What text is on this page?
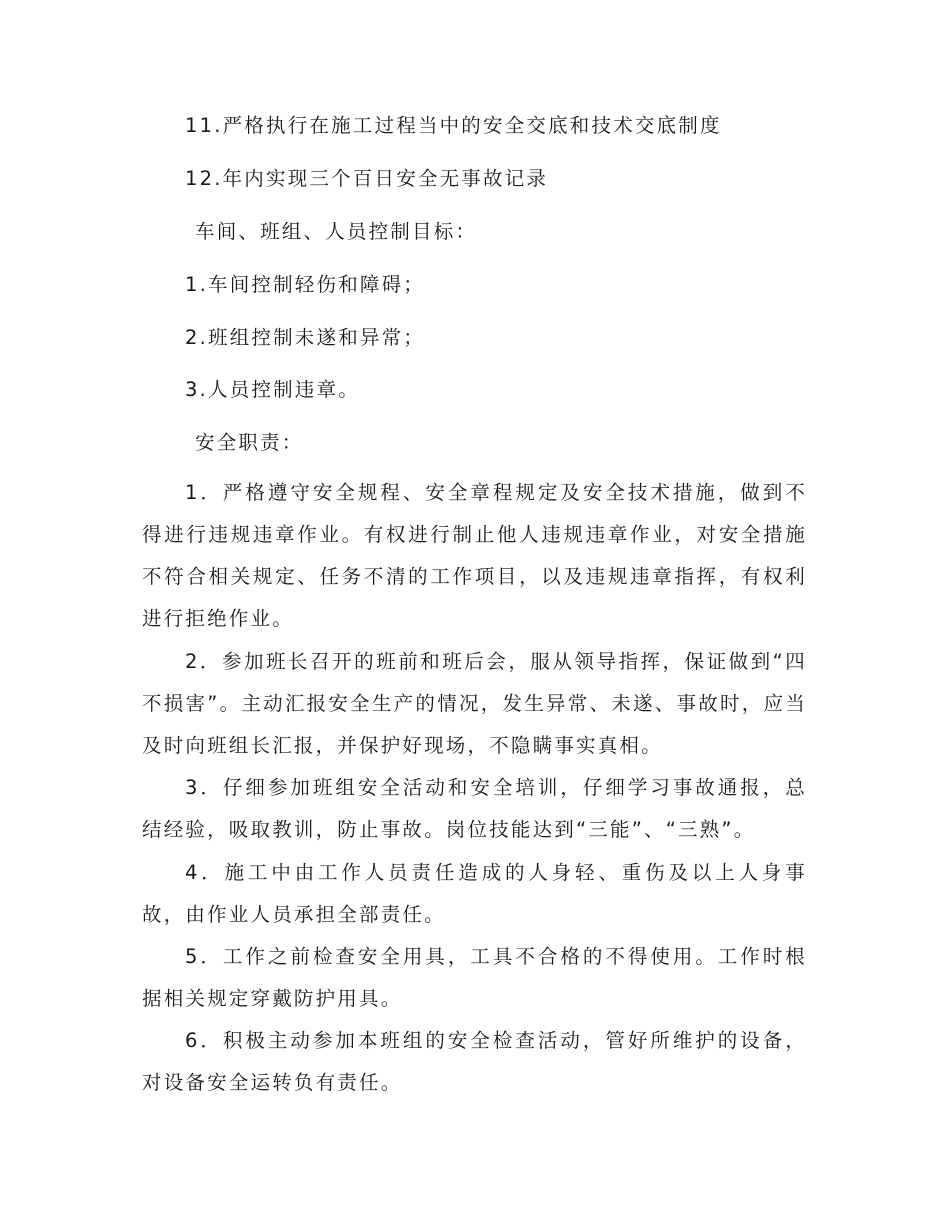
11.严格执行在施工过程当中的安全交底和技术交底制度
12.年内实现三个百日安全无事故记录
车间、班组、人员控制目标：
1.车间控制轻伤和障碍；
2.班组控制未遂和异常；
3.人员控制违章。
安全职责：

1．严格遵守安全规程、安全章程规定及安全技术措施，做到不得进行违规违章作业。有权进行制止他人违规违章作业，对安全措施不符合相关规定、任务不清的工作项目，以及违规违章指挥，有权利进行拒绝作业。

2．参加班长召开的班前和班后会，服从领导指挥，保证做到“四不损害”。主动汇报安全生产的情况，发生异常、未遂、事故时，应当及时向班组长汇报，并保护好现场，不隐瞒事实真相。

3．仔细参加班组安全活动和安全培训，仔细学习事故通报，总结经验，吸取教训，防止事故。岗位技能达到“三能”、“三熟”。

4．施工中由工作人员责任造成的人身轻、重伤及以上人身事故，由作业人员承担全部责任。

5．工作之前检查安全用具，工具不合格的不得使用。工作时根据相关规定穿戴防护用具。

6．积极主动参加本班组的安全检查活动，管好所维护的设备，对设备安全运转负有责任。
